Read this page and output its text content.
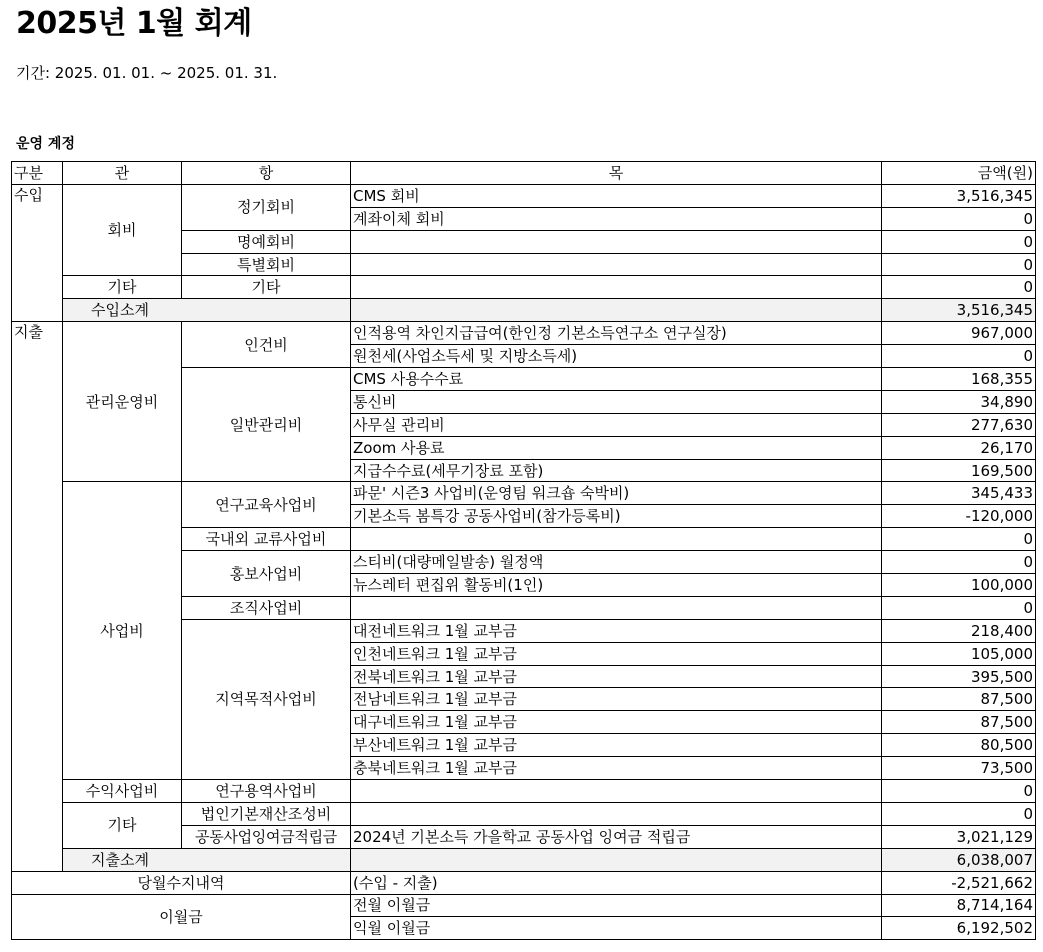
2025년 1월 회계
기간: 2025. 01. 01. ~ 2025. 01. 31.
운영 계정
구분	관	항	목	금액(원)
수입	회비	정기회비	CMS 회비	3,516,345
			계좌이체 회비	0
		명예회비		0
		특별회비		0
	기타	기타		0
	수입소계			3,516,345
지출	관리운영비	인건비	인적용역 차인지급급여(한인정 기본소득연구소 연구실장)	967,000
			원천세(사업소득세 및 지방소득세)	0
		일반관리비	CMS 사용수수료	168,355
			통신비	34,890
			사무실 관리비	277,630
			Zoom 사용료	26,170
			지급수수료(세무기장료 포함)	169,500
	사업비	연구교육사업비	파문' 시즌3 사업비(운영팀 워크숍 숙박비)	345,433
			기본소득 봄특강 공동사업비(참가등록비)	-120,000
		국내외 교류사업비		0
		홍보사업비	스티비(대량메일발송) 월정액	0
			뉴스레터 편집위 활동비(1인)	100,000
		조직사업비		0
		지역목적사업비	대전네트워크 1월 교부금	218,400
			인천네트워크 1월 교부금	105,000
			전북네트워크 1월 교부금	395,500
			전남네트워크 1월 교부금	87,500
			대구네트워크 1월 교부금	87,500
			부산네트워크 1월 교부금	80,500
			충북네트워크 1월 교부금	73,500
	수익사업비	연구용역사업비		0
	기타	법인기본재산조성비		0
		공동사업잉여금적립금	2024년 기본소득 가을학교 공동사업 잉여금 적립금	3,021,129
	지출소계			6,038,007
당월수지내역			(수입 - 지출)	-2,521,662
이월금			전월 이월금	8,714,164
			익월 이월금	6,192,502
